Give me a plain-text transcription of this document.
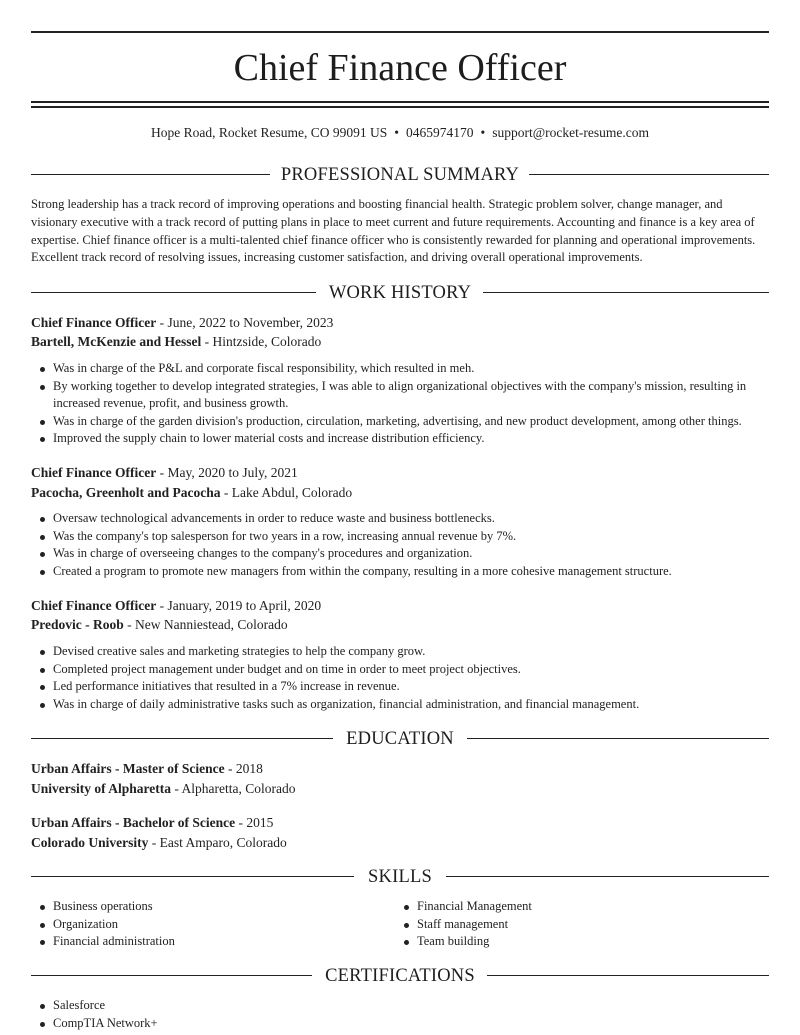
Chief Finance Officer
Hope Road, Rocket Resume, CO 99091 US • 0465974170 • support@rocket-resume.com
PROFESSIONAL SUMMARY
Strong leadership has a track record of improving operations and boosting financial health. Strategic problem solver, change manager, and visionary executive with a track record of putting plans in place to meet current and future requirements. Accounting and finance is a key area of expertise. Chief finance officer is a multi-talented chief finance officer who is consistently rewarded for planning and operational improvements. Excellent track record of resolving issues, increasing customer satisfaction, and driving overall operational improvements.
WORK HISTORY
Chief Finance Officer - June, 2022 to November, 2023
Bartell, McKenzie and Hessel - Hintzside, Colorado
Was in charge of the P&L and corporate fiscal responsibility, which resulted in meh.
By working together to develop integrated strategies, I was able to align organizational objectives with the company's mission, resulting in increased revenue, profit, and business growth.
Was in charge of the garden division's production, circulation, marketing, advertising, and new product development, among other things.
Improved the supply chain to lower material costs and increase distribution efficiency.
Chief Finance Officer - May, 2020 to July, 2021
Pacocha, Greenholt and Pacocha - Lake Abdul, Colorado
Oversaw technological advancements in order to reduce waste and business bottlenecks.
Was the company's top salesperson for two years in a row, increasing annual revenue by 7%.
Was in charge of overseeing changes to the company's procedures and organization.
Created a program to promote new managers from within the company, resulting in a more cohesive management structure.
Chief Finance Officer - January, 2019 to April, 2020
Predovic - Roob - New Nanniestead, Colorado
Devised creative sales and marketing strategies to help the company grow.
Completed project management under budget and on time in order to meet project objectives.
Led performance initiatives that resulted in a 7% increase in revenue.
Was in charge of daily administrative tasks such as organization, financial administration, and financial management.
EDUCATION
Urban Affairs - Master of Science - 2018
University of Alpharetta - Alpharetta, Colorado
Urban Affairs - Bachelor of Science - 2015
Colorado University - East Amparo, Colorado
SKILLS
Business operations
Organization
Financial administration
Financial Management
Staff management
Team building
CERTIFICATIONS
Salesforce
CompTIA Network+
